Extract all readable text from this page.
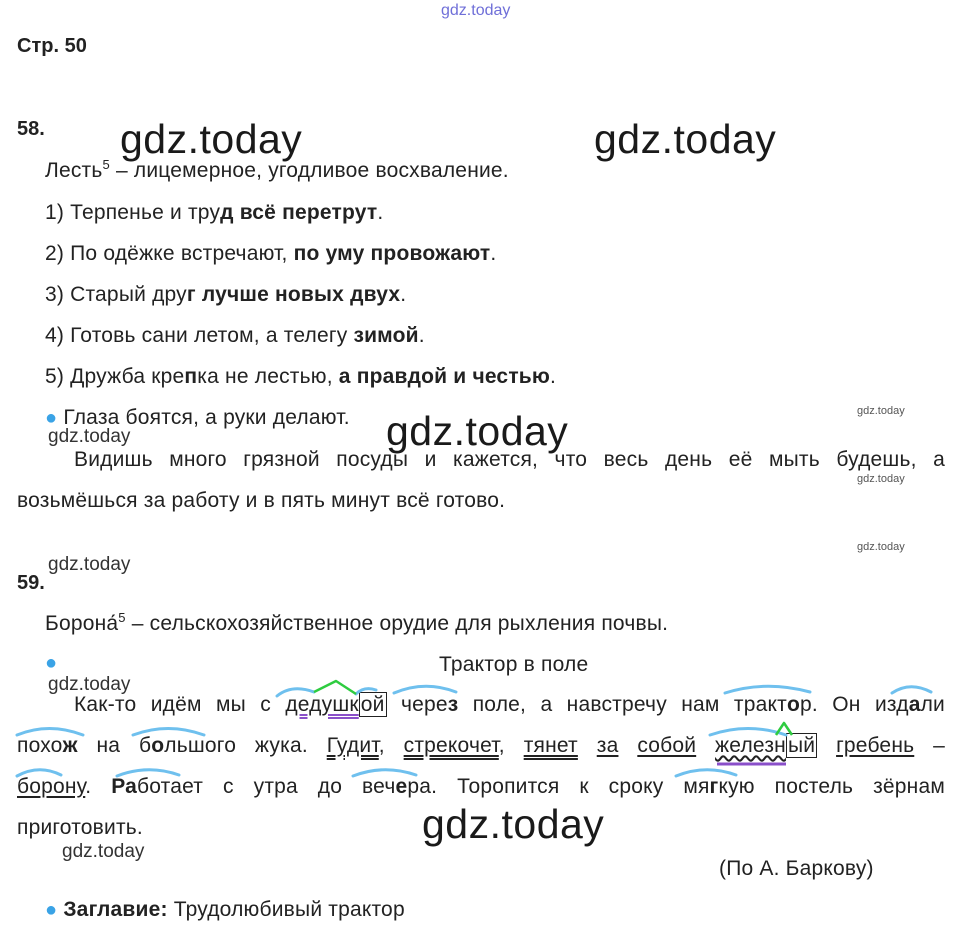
gdz.today
gdz.today	gdz.today
gdz.today
gdz.today
gdz.today
gdz.today
gdz.today
gdz.today
gdz.today
gdz.today
gdz.today
Стр. 50
58.
Лесть$^5$ – лицемерное, угодливое восхваление.
1) Терпенье и труд всё перетрут.
2) По одёжке встречают, по уму провожают.
3) Старый друг лучше новых двух.
4) Готовь сани летом, а телегу зимой.
5) Дружба крепка не лестью, а правдой и честью.
● Глаза боятся, а руки делают.
Видишь много грязной посуды и кажется, что весь день её мыть будешь, а
возьмёшься за работу и в пять минут всё готово.
59.
Борона́$^5$ – сельскохозяйственное орудие для рыхления почвы.
●	Трактор в поле
Как-то идём мы с дедушкой через поле, а навстречу нам трактор. Он издали
похож на большого жука. Гудит, стрекочет, тянет за собой железный гребень –
борону. Работает с утра до вечера. Торопится к сроку мягкую постель зёрнам
приготовить.
(По А. Баркову)
● Заглавие: Трудолюбивый трактор
